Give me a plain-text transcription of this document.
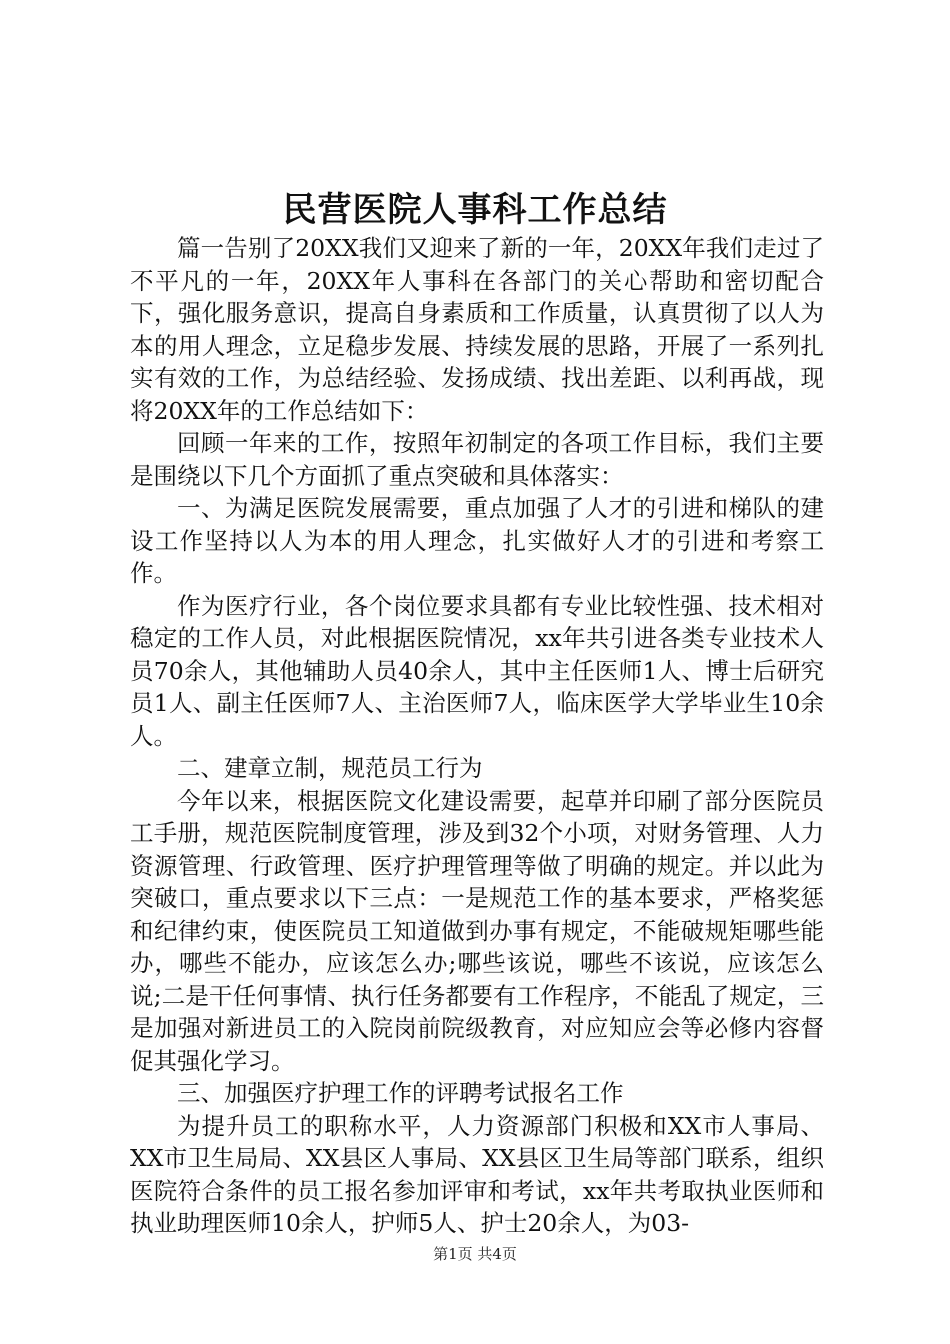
民营医院人事科工作总结

篇一告别了20XX我们又迎来了新的一年，20XX年我们走过了不平凡的一年，20XX年人事科在各部门的关心帮助和密切配合下，强化服务意识，提高自身素质和工作质量，认真贯彻了以人为本的用人理念，立足稳步发展、持续发展的思路，开展了一系列扎实有效的工作，为总结经验、发扬成绩、找出差距、以利再战，现将20XX年的工作总结如下：

回顾一年来的工作，按照年初制定的各项工作目标，我们主要是围绕以下几个方面抓了重点突破和具体落实：

一、为满足医院发展需要，重点加强了人才的引进和梯队的建设工作坚持以人为本的用人理念，扎实做好人才的引进和考察工作。

作为医疗行业，各个岗位要求具都有专业比较性强、技术相对稳定的工作人员，对此根据医院情况，xx年共引进各类专业技术人员70余人，其他辅助人员40余人，其中主任医师1人、博士后研究员1人、副主任医师7人、主治医师7人，临床医学大学毕业生10余人。

二、建章立制，规范员工行为

今年以来，根据医院文化建设需要，起草并印刷了部分医院员工手册，规范医院制度管理，涉及到32个小项，对财务管理、人力资源管理、行政管理、医疗护理管理等做了明确的规定。并以此为突破口，重点要求以下三点：一是规范工作的基本要求，严格奖惩和纪律约束，使医院员工知道做到办事有规定，不能破规矩哪些能办，哪些不能办，应该怎么办;哪些该说，哪些不该说，应该怎么说;二是干任何事情、执行任务都要有工作程序，不能乱了规定，三是加强对新进员工的入院岗前院级教育，对应知应会等必修内容督促其强化学习。

三、加强医疗护理工作的评聘考试报名工作

为提升员工的职称水平，人力资源部门积极和XX市人事局、XX市卫生局局、XX县区人事局、XX县区卫生局等部门联系，组织医院符合条件的员工报名参加评审和考试，xx年共考取执业医师和执业助理医师10余人，护师5人、护士20余人，为03-

第1页 共4页
